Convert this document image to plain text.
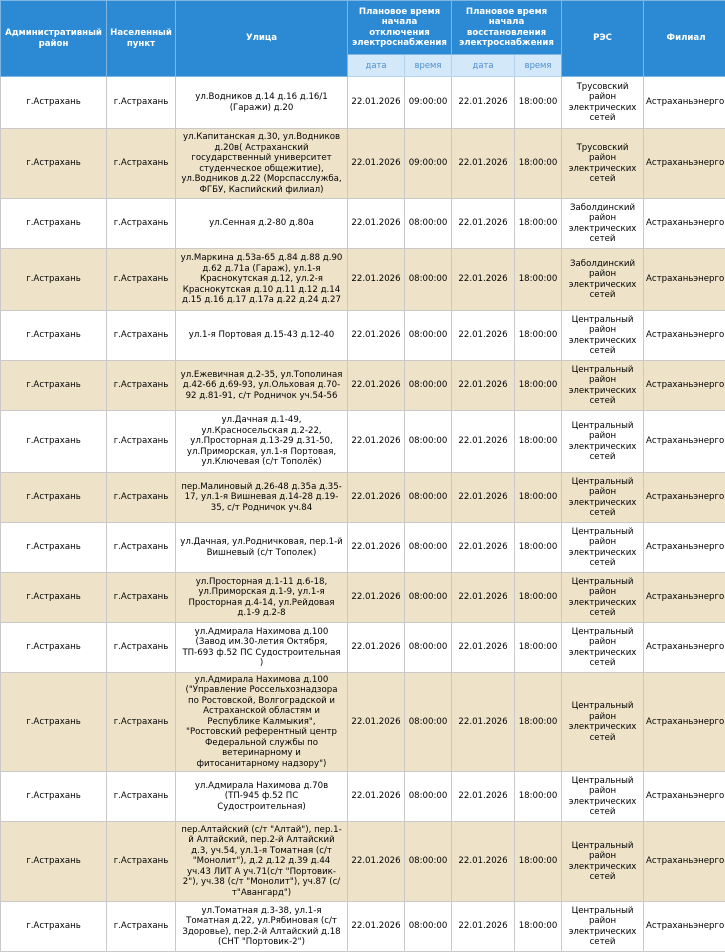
Административный район	Населенный пункт	Улица	Плановое время начала отключения электроснабжения		Плановое время начала восстановления электроснабжения		РЭС	Филиал
			дата	время	дата	время		
г.Астрахань	г.Астрахань	ул.Водников д.14 д.16 д.16/1 (Гаражи) д.20	22.01.2026	09:00:00	22.01.2026	18:00:00	Трусовский район электрических сетей	Астраханьэнерго
г.Астрахань	г.Астрахань	ул.Капитанская д.30, ул.Водников д.20в( Астраханский государственный университет студенческое общежитие), ул.Водников д.22 (Морспасслужба, ФГБУ, Каспийский филиал)	22.01.2026	09:00:00	22.01.2026	18:00:00	Трусовский район электрических сетей	Астраханьэнерго
г.Астрахань	г.Астрахань	ул.Сенная д.2-80 д.80а	22.01.2026	08:00:00	22.01.2026	18:00:00	Заболдинский район электрических сетей	Астраханьэнерго
г.Астрахань	г.Астрахань	ул.Маркина д.53а-65 д.84 д.88 д.90 д.62 д.71а (Гараж), ул.1-я Краснокутская д.12, ул.2-я Краснокутская д.10 д.11 д.12 д.14 д.15 д.16 д.17 д.17а д.22 д.24 д.27	22.01.2026	08:00:00	22.01.2026	18:00:00	Заболдинский район электрических сетей	Астраханьэнерго
г.Астрахань	г.Астрахань	ул.1-я Портовая д.15-43 д.12-40	22.01.2026	08:00:00	22.01.2026	18:00:00	Центральный район электрических сетей	Астраханьэнерго
г.Астрахань	г.Астрахань	ул.Ежевичная д.2-35, ул.Тополиная д.42-66 д.69-93, ул.Ольховая д.70-92 д.81-91, с/т Родничок уч.54-56	22.01.2026	08:00:00	22.01.2026	18:00:00	Центральный район электрических сетей	Астраханьэнерго
г.Астрахань	г.Астрахань	ул.Дачная д.1-49, ул.Красносельская д.2-22, ул.Просторная д.13-29 д.31-50, ул.Приморская, ул.1-я Портовая, ул.Ключевая (с/т Тополёк)	22.01.2026	08:00:00	22.01.2026	18:00:00	Центральный район электрических сетей	Астраханьэнерго
г.Астрахань	г.Астрахань	пер.Малиновый д.26-48 д.35а д.35-17, ул.1-я Вишневая д.14-28 д.19-35, с/т Родничок уч.84	22.01.2026	08:00:00	22.01.2026	18:00:00	Центральный район электрических сетей	Астраханьэнерго
г.Астрахань	г.Астрахань	ул.Дачная, ул.Родничковая, пер.1-й Вишневый (с/т Тополек)	22.01.2026	08:00:00	22.01.2026	18:00:00	Центральный район электрических сетей	Астраханьэнерго
г.Астрахань	г.Астрахань	ул.Просторная д.1-11 д.6-18, ул.Приморская д.1-9, ул.1-я Просторная д.4-14, ул.Рейдовая д.1-9 д.2-8	22.01.2026	08:00:00	22.01.2026	18:00:00	Центральный район электрических сетей	Астраханьэнерго
г.Астрахань	г.Астрахань	ул.Адмирала Нахимова д.100 (Завод им.30-летия Октября, ТП-693 ф.52 ПС Судостроительная )	22.01.2026	08:00:00	22.01.2026	18:00:00	Центральный район электрических сетей	Астраханьэнерго
г.Астрахань	г.Астрахань	ул.Адмирала Нахимова д.100 ("Управление Россельхознадзора по Ростовской, Волгоградской и Астраханской областям и Республике Калмыкия", "Ростовский референтный центр Федеральной службы по ветеринарному и фитосанитарному надзору")	22.01.2026	08:00:00	22.01.2026	18:00:00	Центральный район электрических сетей	Астраханьэнерго
г.Астрахань	г.Астрахань	ул.Адмирала Нахимова д.70в (ТП-945 ф.52 ПС Судостроительная)	22.01.2026	08:00:00	22.01.2026	18:00:00	Центральный район электрических сетей	Астраханьэнерго
г.Астрахань	г.Астрахань	пер.Алтайский (с/т "Алтай"), пер.1-й Алтайский, пер.2-й Алтайский д.3, уч.54, ул.1-я Томатная (с/т "Монолит"), д.2 д.12 д.39 д.44 уч.43 ЛИТ А уч.71(с/т "Портовик- 2"), уч.38 (с/т "Монолит"), уч.87 (с/т"Авангард")	22.01.2026	08:00:00	22.01.2026	18:00:00	Центральный район электрических сетей	Астраханьэнерго
г.Астрахань	г.Астрахань	ул.Томатная д.3-38, ул.1-я Томатная д.22, ул.Рябиновая (с/т Здоровье), пер.2-й Алтайский д.18 (СНТ "Портовик-2")	22.01.2026	08:00:00	22.01.2026	18:00:00	Центральный район электрических сетей	Астраханьэнерго
